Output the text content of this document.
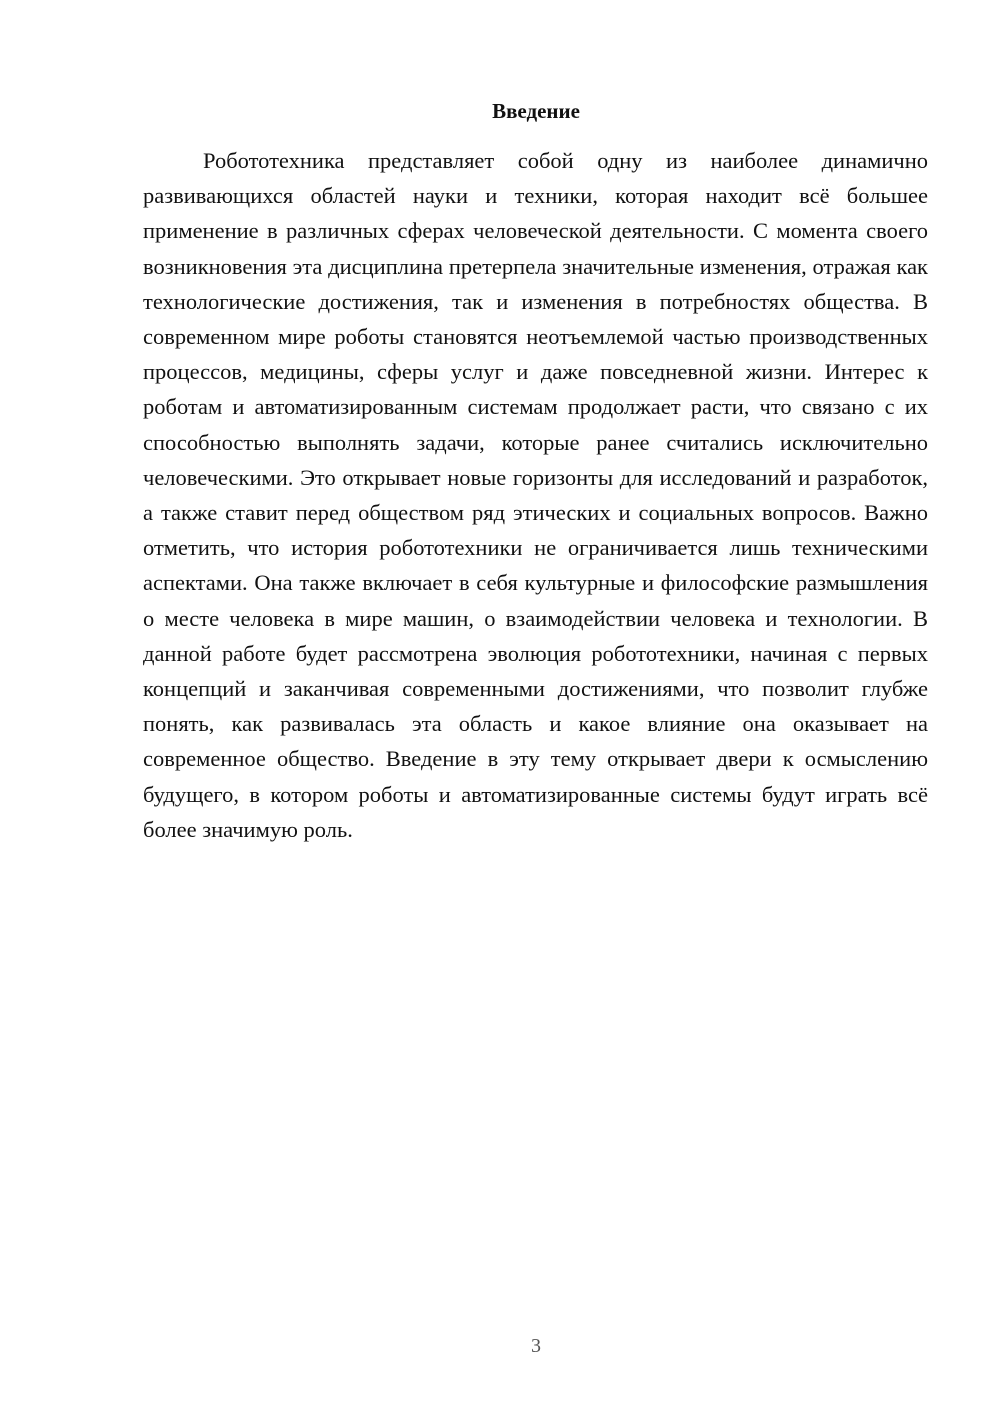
Введение

Робототехника представляет собой одну из наиболее динамично развивающихся областей науки и техники, которая находит всё большее применение в различных сферах человеческой деятельности. С момента своего возникновения эта дисциплина претерпела значительные изменения, отражая как технологические достижения, так и изменения в потребностях общества. В современном мире роботы становятся неотъемлемой частью производственных процессов, медицины, сферы услуг и даже повседневной жизни. Интерес к роботам и автоматизированным системам продолжает расти, что связано с их способностью выполнять задачи, которые ранее считались исключительно человеческими. Это открывает новые горизонты для исследований и разработок, а также ставит перед обществом ряд этических и социальных вопросов. Важно отметить, что история робототехники не ограничивается лишь техническими аспектами. Она также включает в себя культурные и философские размышления о месте человека в мире машин, о взаимодействии человека и технологии. В данной работе будет рассмотрена эволюция робототехники, начиная с первых концепций и заканчивая современными достижениями, что позволит глубже понять, как развивалась эта область и какое влияние она оказывает на современное общество. Введение в эту тему открывает двери к осмыслению будущего, в котором роботы и автоматизированные системы будут играть всё более значимую роль.

3
